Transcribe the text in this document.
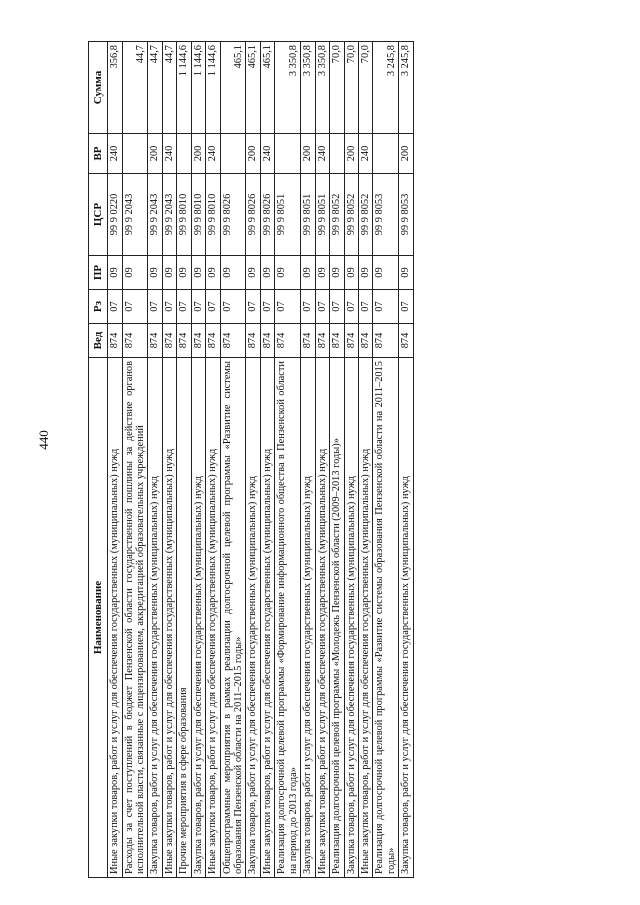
440
Наименование	Вед	Рз	ПР	ЦСР	ВР	Сумма
Иные закупки товаров, работ и услуг для обеспечения государственных (муниципальных) нужд	874	07	09	99 9 0220	240	356,8
Расходы за счет поступлений в бюджет Пензенской области государственной пошлины за действие органов исполнительной власти, связанные с лицензированием, аккредитацией образовательных учреждений	874	07	09	99 9 2043		44,7
Закупка товаров, работ и услуг для обеспечения государственных (муниципальных) нужд	874	07	09	99 9 2043	200	44,7
Иные закупки товаров, работ и услуг для обеспечения государственных (муниципальных) нужд	874	07	09	99 9 2043	240	44,7
Прочие мероприятия в сфере образования	874	07	09	99 9 8010		1 144,6
Закупка товаров, работ и услуг для обеспечения государственных (муниципальных) нужд	874	07	09	99 9 8010	200	1 144,6
Иные закупки товаров, работ и услуг для обеспечения государственных (муниципальных) нужд	874	07	09	99 9 8010	240	1 144,6
Общепрограммные мероприятия в рамках реализации долгосрочной целевой программы «Развитие системы образования Пензенской области на 2011–2015 годы»	874	07	09	99 9 8026		465,1
Закупка товаров, работ и услуг для обеспечения государственных (муниципальных) нужд	874	07	09	99 9 8026	200	465,1
Иные закупки товаров, работ и услуг для обеспечения государственных (муниципальных) нужд	874	07	09	99 9 8026	240	465,1
Реализация долгосрочной целевой программы «Формирование информационного общества в Пензенской области на период до 2013 года»	874	07	09	99 9 8051		3 350,8
Закупка товаров, работ и услуг для обеспечения государственных (муниципальных) нужд	874	07	09	99 9 8051	200	3 350,8
Иные закупки товаров, работ и услуг для обеспечения государственных (муниципальных) нужд	874	07	09	99 9 8051	240	3 350,8
Реализация долгосрочной целевой программы «Молодежь Пензенской области (2009–2013 годы)»	874	07	09	99 9 8052		70,0
Закупка товаров, работ и услуг для обеспечения государственных (муниципальных) нужд	874	07	09	99 9 8052	200	70,0
Иные закупки товаров, работ и услуг для обеспечения государственных (муниципальных) нужд	874	07	09	99 9 8052	240	70,0
Реализация долгосрочной целевой программы «Развитие системы образования Пензенской области на 2011–2015 годы»	874	07	09	99 9 8053		3 245,8
Закупка товаров, работ и услуг для обеспечения государственных (муниципальных) нужд	874	07	09	99 9 8053	200	3 245,8
